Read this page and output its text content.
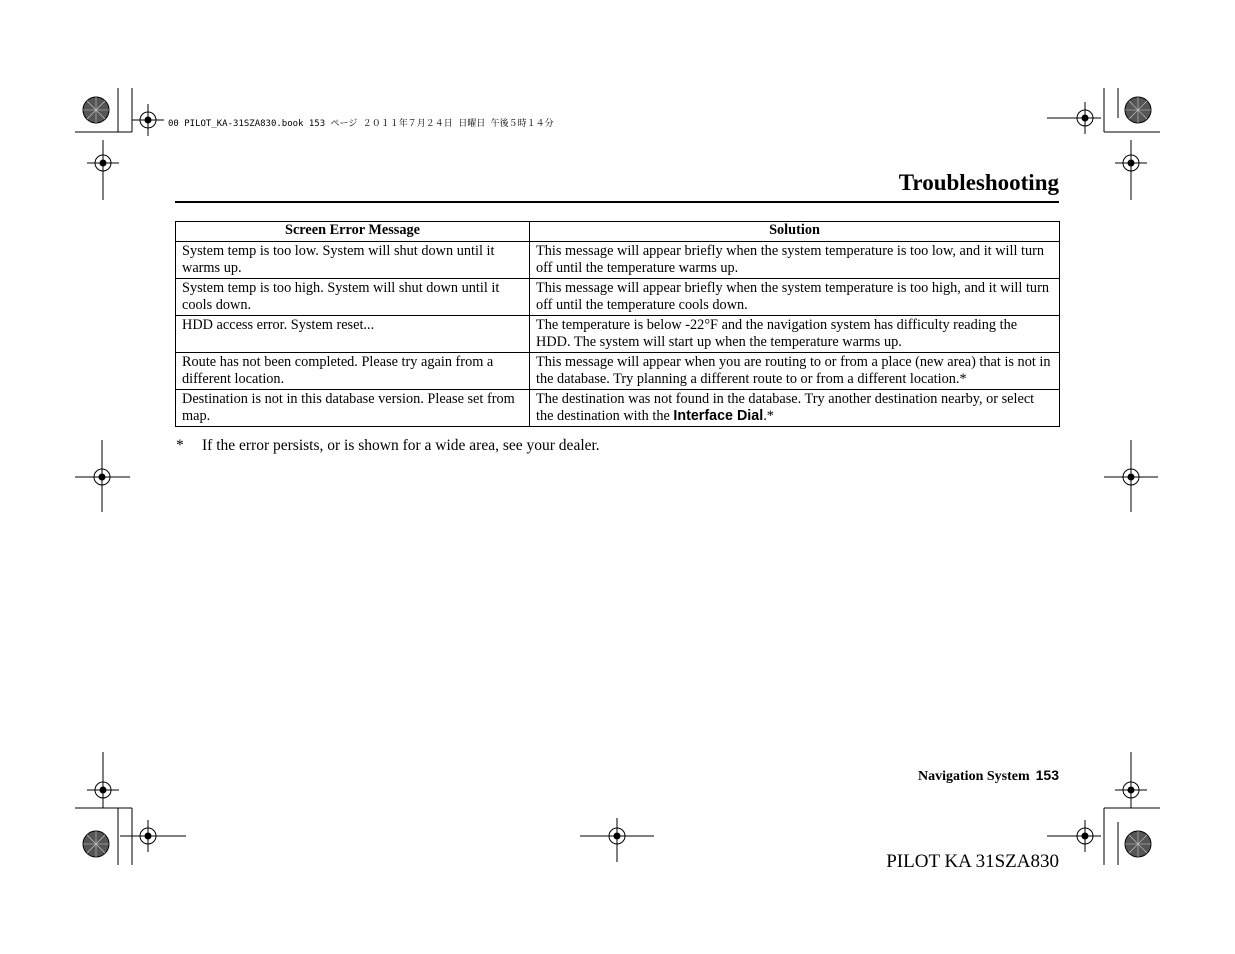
00 PILOT_KA-31SZA830.book 153 ページ ２０１１年７月２４日 日曜日 午後５時１４分
Troubleshooting
Screen Error Message	Solution
System temp is too low. System will shut down until it warms up.	This message will appear briefly when the system temperature is too low, and it will turn off until the temperature warms up.
System temp is too high. System will shut down until it cools down.	This message will appear briefly when the system temperature is too high, and it will turn off until the temperature cools down.
HDD access error. System reset...	The temperature is below -22°F and the navigation system has difficulty reading the HDD. The system will start up when the temperature warms up.
Route has not been completed. Please try again from a different location.	This message will appear when you are routing to or from a place (new area) that is not in the database. Try planning a different route to or from a different location.*
Destination is not in this database version. Please set from map.	The destination was not found in the database. Try another destination nearby, or select the destination with the Interface Dial.*
* If the error persists, or is shown for a wide area, see your dealer.
Navigation System 153
PILOT KA 31SZA830
